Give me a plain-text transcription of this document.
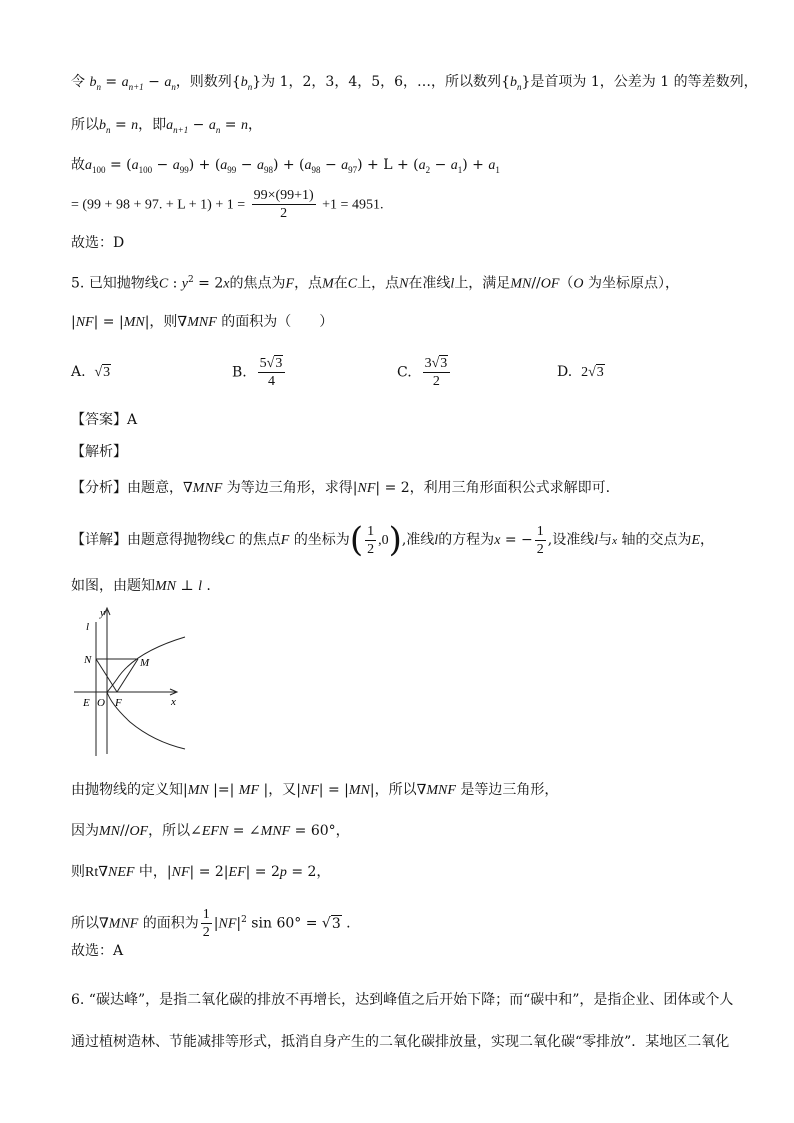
令 $b_n = a_{n+1} - a_n$，则数列$\{b_n\}$为 1，2，3，4，5，6，…，所以数列$\{b_n\}$是首项为 1，公差为 1 的等差数列，
所以$b_n = n$，即$a_{n+1} - a_n = n$，
故$a_{100} = (a_{100} - a_{99}) + (a_{99} - a_{98}) + (a_{98} - a_{97}) + L + (a_2 - a_1) + a_1$
= (99 + 98 + 97. + $L + 1) + 1 = \frac{99\times(99+1)}{2} +1 = 4951$.
故选：D
5. 已知抛物线C : $y^2 = 2x$的焦点为F，点M在C上，点N在准线l上，满足MN//OF（O 为坐标原点），
|NF| = |MN|，则∇MNF 的面积为（　　）
A. √3	B. $\frac{5√3}{4}$	C. $\frac{3√3}{2}$	D. 2√3
【答案】A
【解析】
【分析】由题意，∇MNF 为等边三角形，求得|NF| = 2，利用三角形面积公式求解即可.
【详解】由题意得抛物线C 的焦点F 的坐标为( $\frac{1}{2} ,0$),准线l的方程为x = − $\frac{1}{2}$ ,设准线l与x 轴的交点为E，
如图，由题知MN ⊥ l .
y
l
N	M
E O F	x
由抛物线的定义知|MN |=| MF |，又|NF| = |MN|，所以∇MNF 是等边三角形，
因为MN//OF，所以∠EFN = ∠MNF = 60°，
则Rt∇NEF 中，|NF| = 2|EF| = 2p = 2，
所以∇MNF 的面积为 $\frac{1}{2} |NF|^2$ sin 60° = √3 .
故选：A
6. “碳达峰”，是指二氧化碳的排放不再增长，达到峰值之后开始下降；而“碳中和”，是指企业、团体或个人
通过植树造林、节能减排等形式，抵消自身产生的二氧化碳排放量，实现二氧化碳“零排放”．某地区二氧化
